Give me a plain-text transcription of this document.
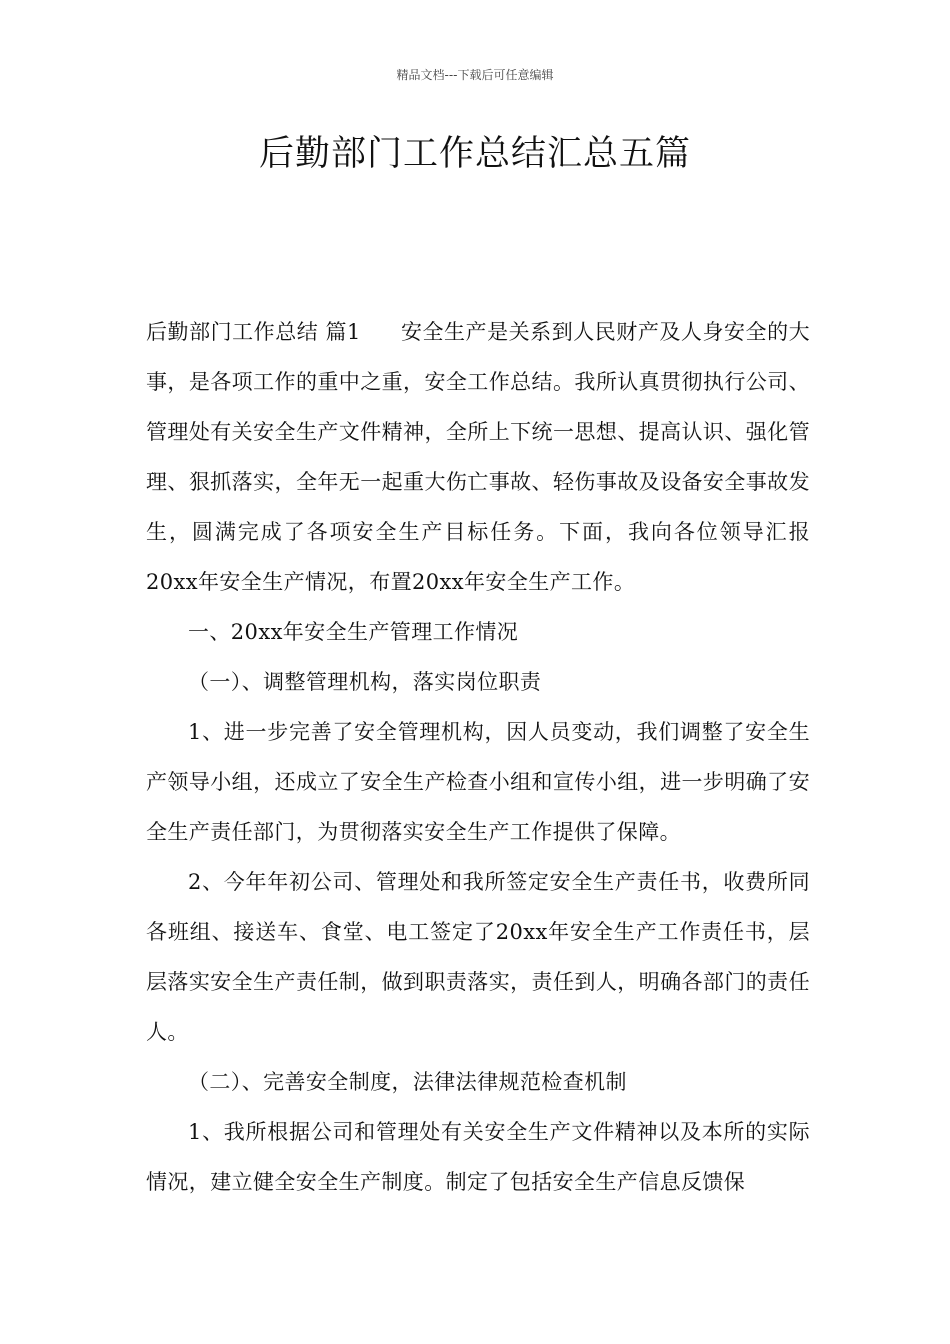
精品文档---下载后可任意编辑
后勤部门工作总结汇总五篇

后勤部门工作总结 篇1 安全生产是关系到人民财产及人身安全的大事，是各项工作的重中之重，安全工作总结。我所认真贯彻执行公司、管理处有关安全生产文件精神，全所上下统一思想、提高认识、强化管理、狠抓落实，全年无一起重大伤亡事故、轻伤事故及设备安全事故发生，圆满完成了各项安全生产目标任务。下面，我向各位领导汇报20xx年安全生产情况，布置20xx年安全生产工作。

一、20xx年安全生产管理工作情况

（一）、调整管理机构，落实岗位职责

1、进一步完善了安全管理机构，因人员变动，我们调整了安全生产领导小组，还成立了安全生产检查小组和宣传小组，进一步明确了安全生产责任部门，为贯彻落实安全生产工作提供了保障。

2、今年年初公司、管理处和我所签定安全生产责任书，收费所同各班组、接送车、食堂、电工签定了20xx年安全生产工作责任书，层层落实安全生产责任制，做到职责落实，责任到人，明确各部门的责任人。

（二）、完善安全制度，法律法律规范检查机制

1、我所根据公司和管理处有关安全生产文件精神以及本所的实际情况，建立健全安全生产制度。制定了包括安全生产信息反馈保
